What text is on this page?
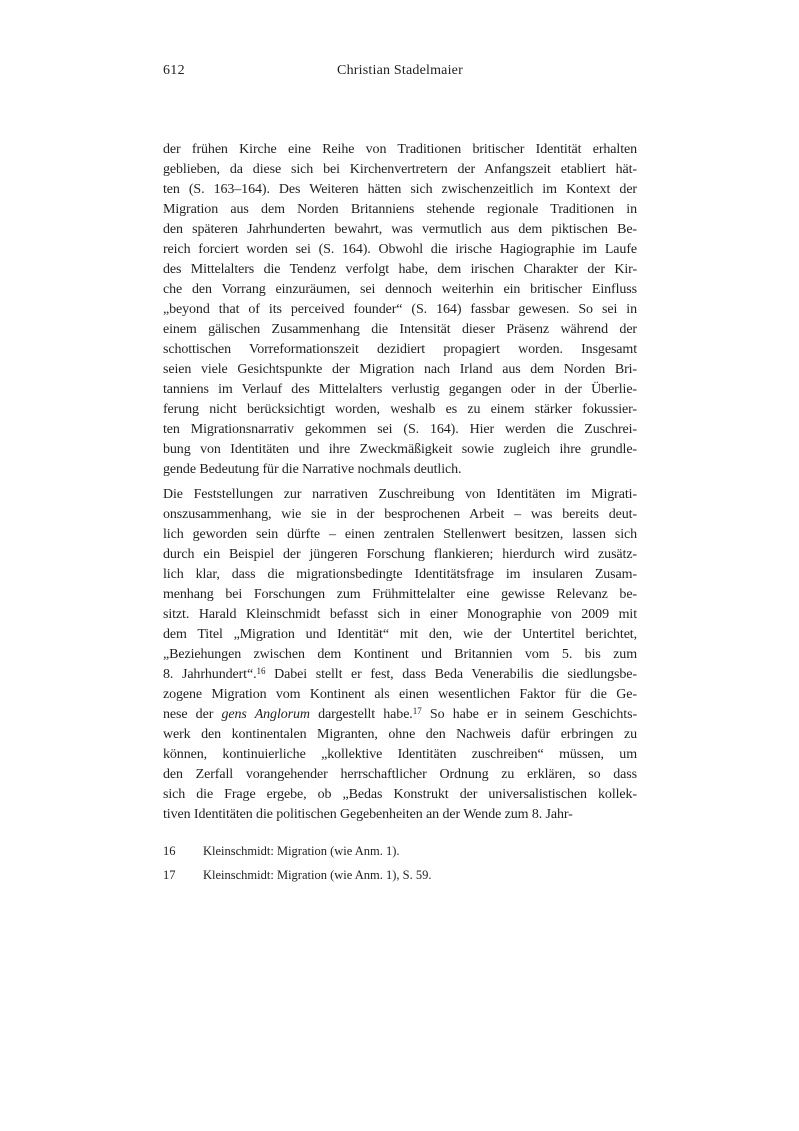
612	Christian Stadelmaier
der frühen Kirche eine Reihe von Traditionen britischer Identität erhalten
geblieben, da diese sich bei Kirchenvertretern der Anfangszeit etabliert hät-
ten (S. 163–164). Des Weiteren hätten sich zwischenzeitlich im Kontext der
Migration aus dem Norden Britanniens stehende regionale Traditionen in
den späteren Jahrhunderten bewahrt, was vermutlich aus dem piktischen Be-
reich forciert worden sei (S. 164). Obwohl die irische Hagiographie im Laufe
des Mittelalters die Tendenz verfolgt habe, dem irischen Charakter der Kir-
che den Vorrang einzuräumen, sei dennoch weiterhin ein britischer Einfluss
„beyond that of its perceived founder“ (S. 164) fassbar gewesen. So sei in
einem gälischen Zusammenhang die Intensität dieser Präsenz während der
schottischen Vorreformationszeit dezidiert propagiert worden. Insgesamt
seien viele Gesichtspunkte der Migration nach Irland aus dem Norden Bri-
tanniens im Verlauf des Mittelalters verlustig gegangen oder in der Überlie-
ferung nicht berücksichtigt worden, weshalb es zu einem stärker fokussier-
ten Migrationsnarrativ gekommen sei (S. 164). Hier werden die Zuschrei-
bung von Identitäten und ihre Zweckmäßigkeit sowie zugleich ihre grundle-
gende Bedeutung für die Narrative nochmals deutlich.
Die Feststellungen zur narrativen Zuschreibung von Identitäten im Migrati-
onszusammenhang, wie sie in der besprochenen Arbeit – was bereits deut-
lich geworden sein dürfte – einen zentralen Stellenwert besitzen, lassen sich
durch ein Beispiel der jüngeren Forschung flankieren; hierdurch wird zusätz-
lich klar, dass die migrationsbedingte Identitätsfrage im insularen Zusam-
menhang bei Forschungen zum Frühmittelalter eine gewisse Relevanz be-
sitzt. Harald Kleinschmidt befasst sich in einer Monographie von 2009 mit
dem Titel „Migration und Identität“ mit den, wie der Untertitel berichtet,
„Beziehungen zwischen dem Kontinent und Britannien vom 5. bis zum
8. Jahrhundert“.$^{16}$ Dabei stellt er fest, dass Beda Venerabilis die siedlungsbe-
zogene Migration vom Kontinent als einen wesentlichen Faktor für die Ge-
nese der gens Anglorum dargestellt habe.$^{17}$ So habe er in seinem Geschichts-
werk den kontinentalen Migranten, ohne den Nachweis dafür erbringen zu
können, kontinuierliche „kollektive Identitäten zuschreiben“ müssen, um
den Zerfall vorangehender herrschaftlicher Ordnung zu erklären, so dass
sich die Frage ergebe, ob „Bedas Konstrukt der universalistischen kollek-
tiven Identitäten die politischen Gegebenheiten an der Wende zum 8. Jahr-
16	Kleinschmidt: Migration (wie Anm. 1).
17	Kleinschmidt: Migration (wie Anm. 1), S. 59.
